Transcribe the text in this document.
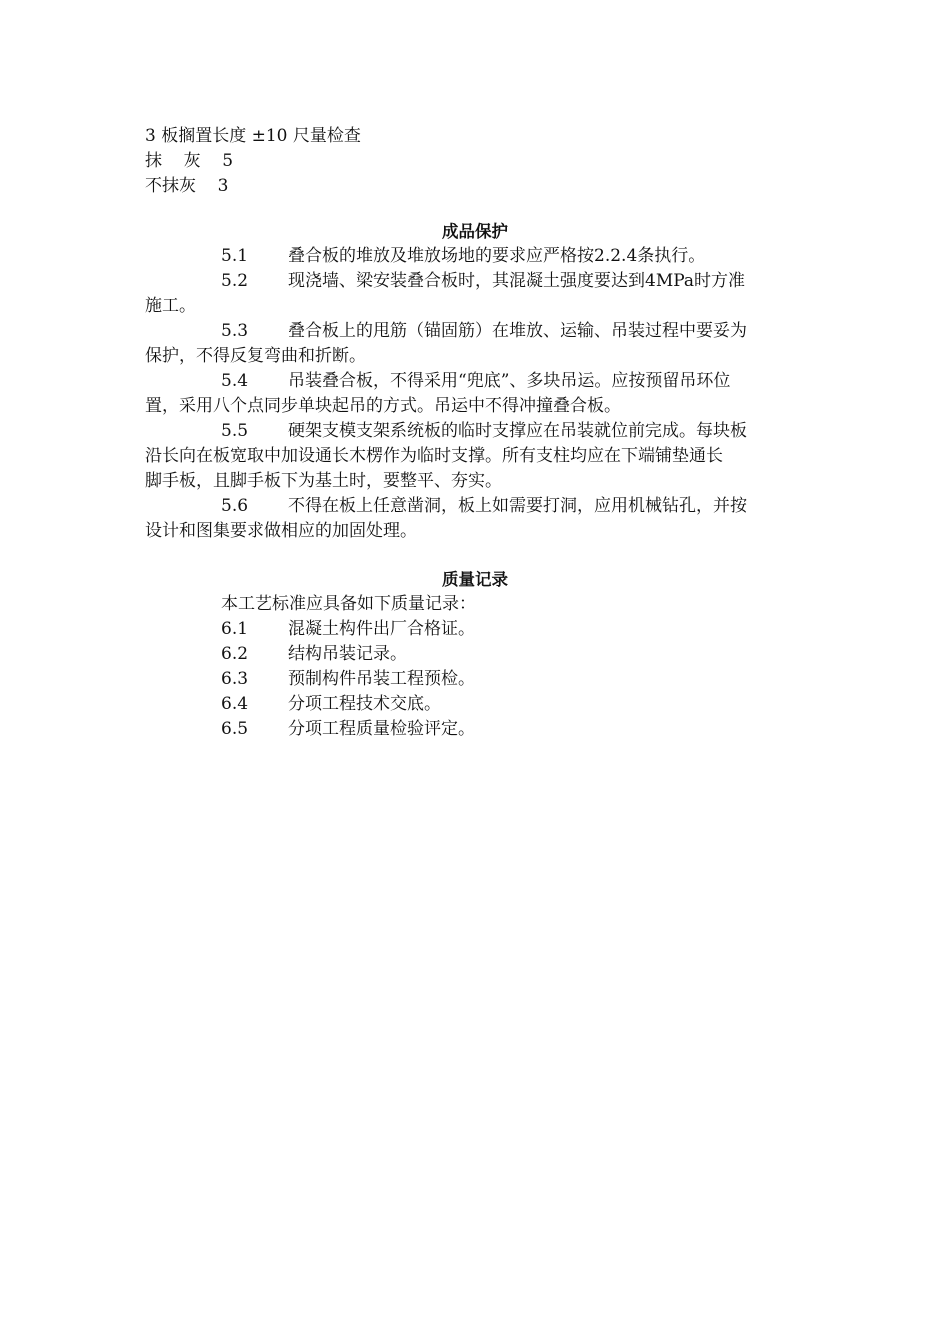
3 板搁置长度 ±10 尺量检查
抹    灰    5
不抹灰    3
成品保护
5.1 叠合板的堆放及堆放场地的要求应严格按2.2.4条执行。
5.2 现浇墙、梁安装叠合板时，其混凝土强度要达到4MPa时方准
施工。
5.3 叠合板上的甩筋（锚固筋）在堆放、运输、吊装过程中要妥为
保护，不得反复弯曲和折断。
5.4 吊装叠合板，不得采用“兜底”、多块吊运。应按预留吊环位
置，采用八个点同步单块起吊的方式。吊运中不得冲撞叠合板。
5.5 硬架支模支架系统板的临时支撑应在吊装就位前完成。每块板
沿长向在板宽取中加设通长木楞作为临时支撑。所有支柱均应在下端铺垫通长
脚手板，且脚手板下为基土时，要整平、夯实。
5.6 不得在板上任意凿洞，板上如需要打洞，应用机械钻孔，并按
设计和图集要求做相应的加固处理。
质量记录
本工艺标准应具备如下质量记录：
6.1 混凝土构件出厂合格证。
6.2 结构吊装记录。
6.3 预制构件吊装工程预检。
6.4 分项工程技术交底。
6.5 分项工程质量检验评定。
